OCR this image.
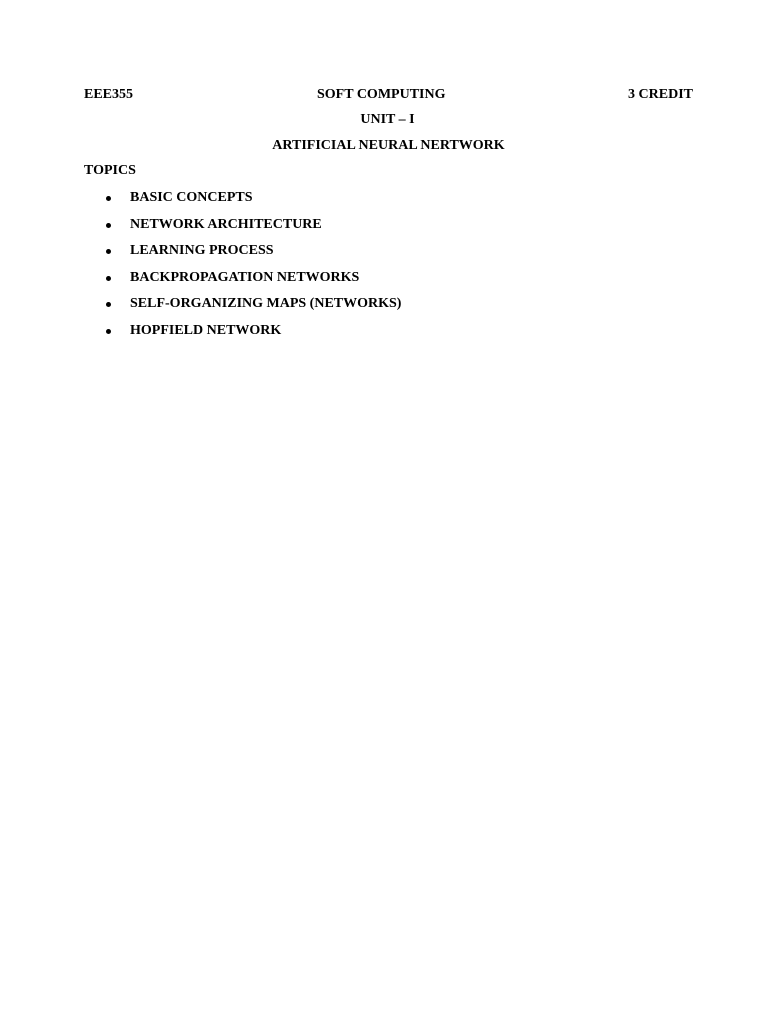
EEE355	SOFT COMPUTING	3 CREDIT
UNIT – I
ARTIFICIAL NEURAL NERTWORK
TOPICS
BASIC CONCEPTS
NETWORK ARCHITECTURE
LEARNING PROCESS
BACKPROPAGATION NETWORKS
SELF-ORGANIZING MAPS (NETWORKS)
HOPFIELD NETWORK
